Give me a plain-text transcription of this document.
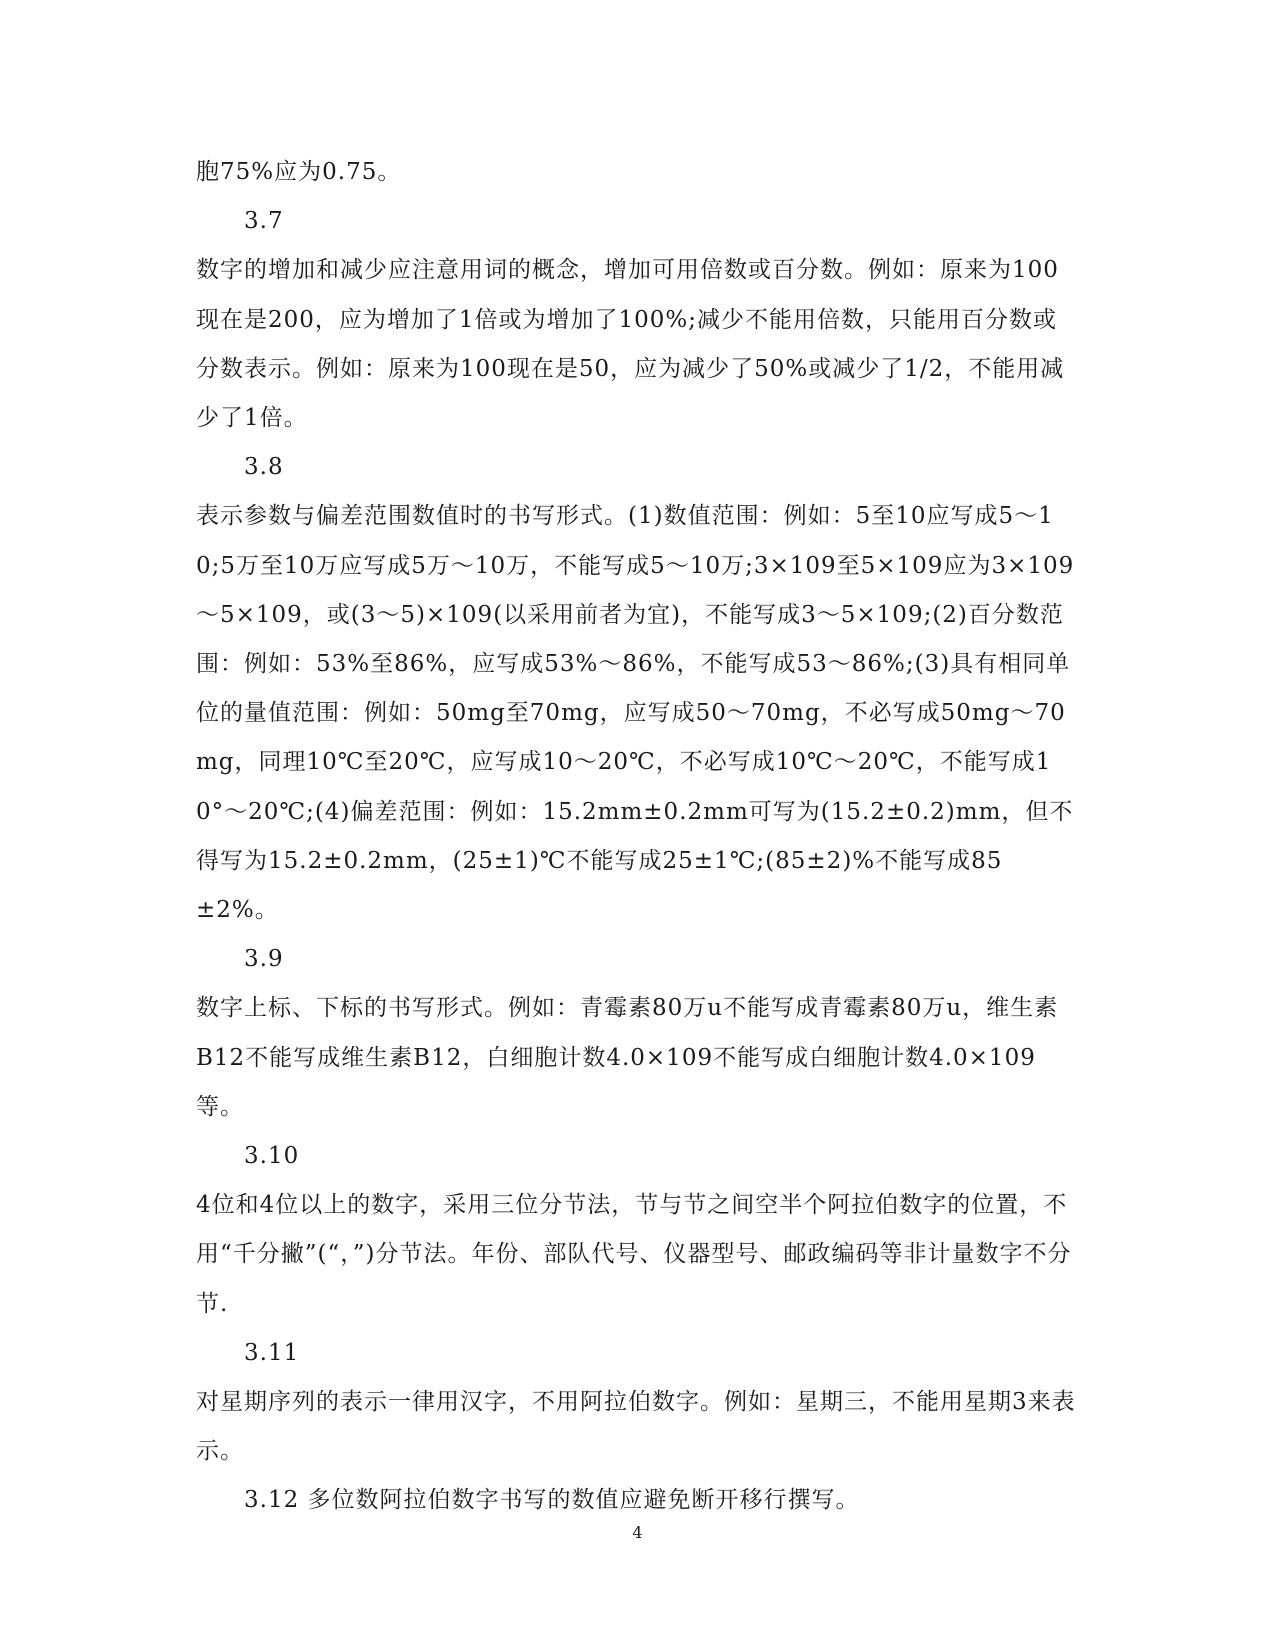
胞75%应为0.75。

3.7

数字的增加和减少应注意用词的概念，增加可用倍数或百分数。例如：原来为100现在是200，应为增加了1倍或为增加了100%;减少不能用倍数，只能用百分数或分数表示。例如：原来为100现在是50，应为减少了50%或减少了1/2，不能用减少了1倍。

3.8

表示参数与偏差范围数值时的书写形式。(1)数值范围：例如：5至10应写成5～10;5万至10万应写成5万～10万，不能写成5～10万;3×109至5×109应为3×109～5×109，或(3～5)×109(以采用前者为宜)，不能写成3～5×109;(2)百分数范围：例如：53%至86%，应写成53%～86%，不能写成53～86%;(3)具有相同单位的量值范围：例如：50mg至70mg，应写成50～70mg，不必写成50mg～70mg，同理10℃至20℃，应写成10～20℃，不必写成10℃～20℃，不能写成10°～20℃;(4)偏差范围：例如：15.2mm±0.2mm可写为(15.2±0.2)mm，但不得写为15.2±0.2mm，(25±1)℃不能写成25±1℃;(85±2)%不能写成85±2%。

3.9

数字上标、下标的书写形式。例如：青霉素80万u不能写成青霉素80万u，维生素B12不能写成维生素B12，白细胞计数4.0×109不能写成白细胞计数4.0×109等。

3.10

4位和4位以上的数字，采用三位分节法，节与节之间空半个阿拉伯数字的位置，不用“千分撇”(“，”)分节法。年份、部队代号、仪器型号、邮政编码等非计量数字不分节.

3.11

对星期序列的表示一律用汉字，不用阿拉伯数字。例如：星期三，不能用星期3来表示。

3.12 多位数阿拉伯数字书写的数值应避免断开移行撰写。

4
